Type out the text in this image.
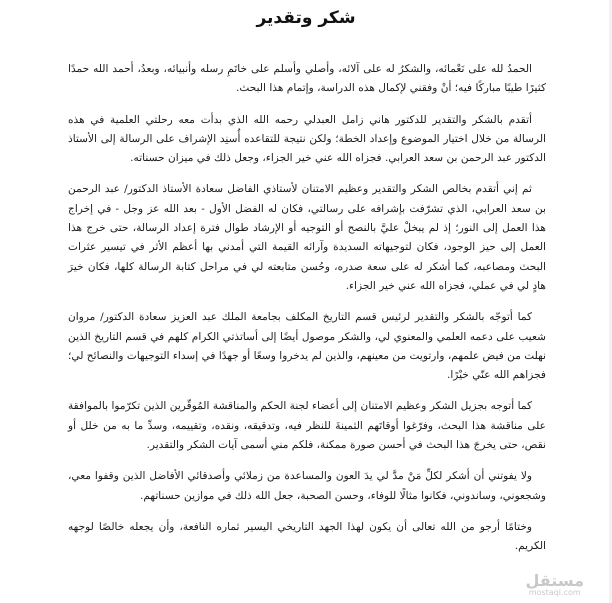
شكر وتقدير

الحمدُ لله على نَعْمائه، والشكرُ له على آلائه، وأصلي وأسلم على خاتَمِ رسله وأنبيائه، وبعدُ، أحمد الله حمدًا كثيرًا طيبًا مباركًا فيه؛ أنْ وفقني لإكمال هذه الدراسة، وإتمام هذا البحث.

أتقدم بالشكر والتقدير للدكتور هاني زامل العبدلي رحمه الله الذي بدأت معه رحلتي العلمية في هذه الرسالة من خلال اختيار الموضوع وإعداد الخطة؛ ولكن نتيجة للتقاعده أُسنِد الإشراف على الرسالة إلى الأستاذ الدكتور عبد الرحمن بن سعد العرابي. فجزاه الله عني خير الجزاء، وجعل ذلك في ميزان حسناته.

ثم إني أتقدم بخالص الشكر والتقدير وعظيم الامتنان لأستاذي الفاضل سعادة الأستاذ الدكتور/ عبد الرحمن بن سعد العرابي، الذي تشرّفت بإشرافه على رسالتي، فكان له الفضل الأول - بعد الله عز وجل - في إخراج هذا العمل إلى النور؛ إذ لم يبخلْ عليَّ بالنصح أو التوجيه أو الإرشاد طوال فترة إعداد الرسالة، حتى خرج هذا العمل إلى حيز الوجود، فكان لتوجيهاته السديدة وآرائه القيمة التي أمدني بها أعظم الأثر في تيسير عثرات البحث ومصاعبه، كما أشكر له على سعة صدره، وحُسن متابعته لي في مراحل كتابة الرسالة كلها، فكان خيرَ هادٍ لي في عملي، فجزاه الله عني خير الجزاء.

كما أتوجّه بالشكر والتقدير لرئيس قسم التاريخ المكلف بجامعة الملك عبد العزيز سعادة الدكتور/ مروان شعيب على دعمه العلمي والمعنوي لي، والشكر موصول أيضًا إلى أساتذتي الكرام كلهم في قسم التاريخ الذين نهلت من فيض علمهم، وارتويت من معينهم، والذين لم يدخروا وسعًا أو جهدًا في إسداء التوجيهات والنصائح لي؛ فجزاهم الله عنّي خيْرًا.

كما أتوجه بجزيل الشكر وعظيم الامتنان إلى أعضاء لجنة الحكم والمناقشة المُوقّرين الذين تكرّموا بالموافقة على مناقشة هذا البحث، وفرّغوا أوقاتَهم الثمينةَ للنظر فيه، وتدقيقه، ونقده، وتقييمه، وسدِّ ما به من خلل أو نقص، حتى يخرجَ هذا البحث في أحسن صورة ممكنة، فلكم مني أسمى آيات الشكر والتقدير.

ولا يفوتني أن أشكر لكلِّ مَنْ مدَّ لي يدَ العون والمساعدة من زملائي وأصدقائي الأفاضل الذين وقفوا معي، وشجعوني، وساندوني، فكانوا مثالًا للوفاء، وحسن الصحبة، جعل الله ذلك في موازين حسناتهم.

وختامًا أرجو من الله تعالى أن يكون لهذا الجهد التاريخي اليسير ثماره النافعة، وأن يجعله خالصًا لوجهه الكريم.

مستقل
mostaql.com
